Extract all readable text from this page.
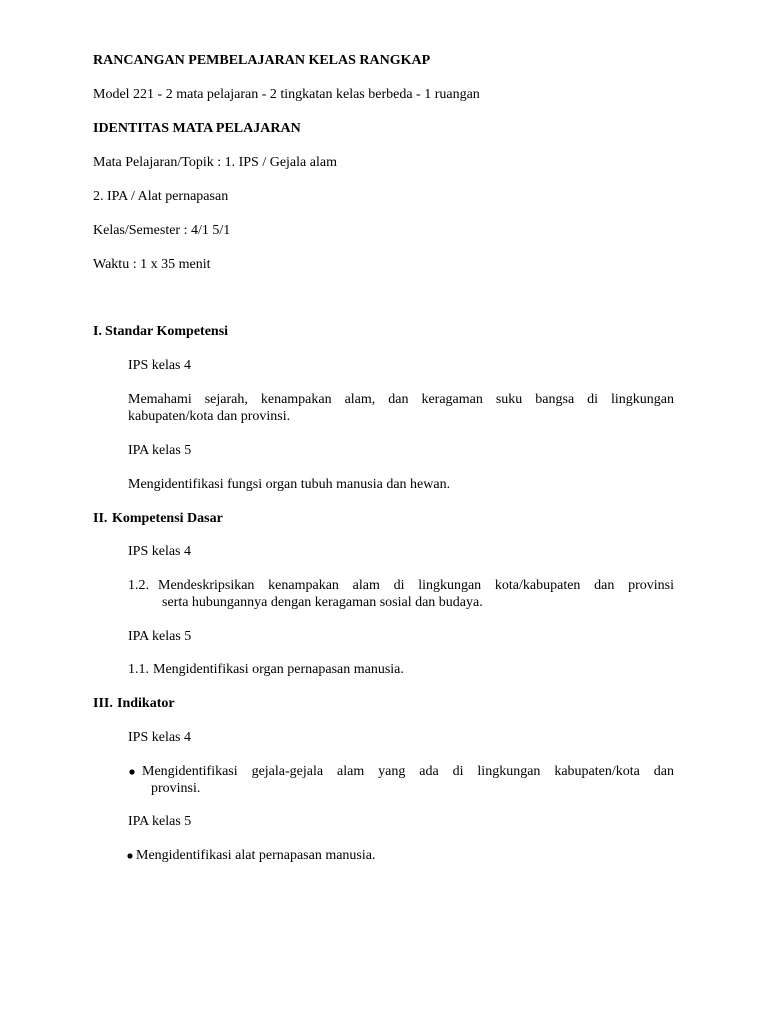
RANCANGAN PEMBELAJARAN KELAS RANGKAP
Model 221 - 2 mata pelajaran - 2 tingkatan kelas berbeda - 1 ruangan
IDENTITAS MATA PELAJARAN
Mata Pelajaran/Topik : 1. IPS / Gejala alam
2. IPA / Alat pernapasan
Kelas/Semester : 4/1 5/1
Waktu : 1 x 35 menit
I. Standar Kompetensi
IPS kelas 4
Memahami sejarah, kenampakan alam, dan keragaman suku bangsa di lingkungan
kabupaten/kota dan provinsi.
IPA kelas 5
Mengidentifikasi fungsi organ tubuh manusia dan hewan.
II. Kompetensi Dasar
IPS kelas 4
1.2. Mendeskripsikan kenampakan alam di lingkungan kota/kabupaten dan provinsi
serta hubungannya dengan keragaman sosial dan budaya.
IPA kelas 5
1.1. Mengidentifikasi organ pernapasan manusia.
III. Indikator
IPS kelas 4
Mengidentifikasi gejala-gejala alam yang ada di lingkungan kabupaten/kota dan
provinsi.
IPA kelas 5
Mengidentifikasi alat pernapasan manusia.
